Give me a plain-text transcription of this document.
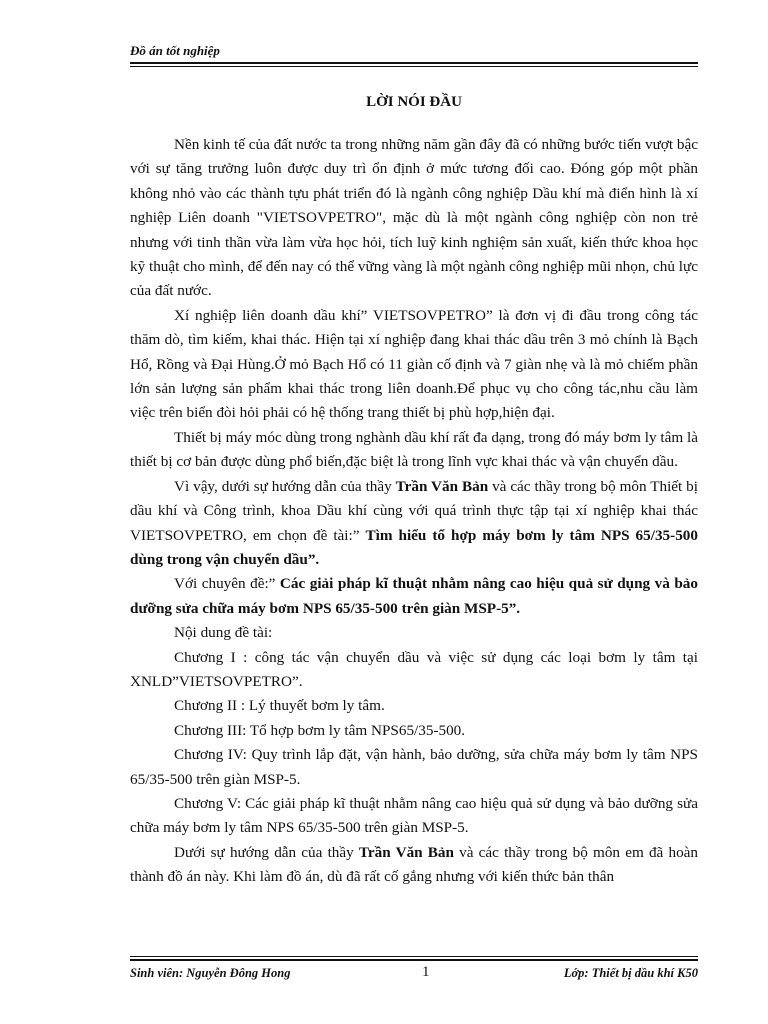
Đồ án tốt nghiệp
LỜI NÓI ĐẦU

Nền kinh tế của đất nước ta trong những năm gần đây đã có những bước tiến vượt bậc với sự tăng trưởng luôn được duy trì ổn định ở mức tương đối cao. Đóng góp một phần không nhỏ vào các thành tựu phát triển đó là ngành công nghiệp Dầu khí mà điển hình là xí nghiệp Liên doanh "VIETSOVPETRO", mặc dù là một ngành công nghiệp còn non trẻ nhưng với tinh thần vừa làm vừa học hỏi, tích luỹ kinh nghiệm sản xuất, kiến thức khoa học kỹ thuật cho mình, để đến nay có thể vững vàng là một ngành công nghiệp mũi nhọn, chủ lực của đất nước.

Xí nghiệp liên doanh dầu khí” VIETSOVPETRO” là đơn vị đi đầu trong công tác thăm dò, tìm kiếm, khai thác. Hiện tại xí nghiệp đang khai thác dầu trên 3 mỏ chính là Bạch Hổ, Rồng và Đại Hùng.Ở mỏ Bạch Hổ có 11 giàn cố định và 7 giàn nhẹ và là mỏ chiếm phần lớn sản lượng sản phẩm khai thác trong liên doanh.Để phục vụ cho công tác,nhu cầu làm việc trên biển đòi hỏi phải có hệ thống trang thiết bị phù hợp,hiện đại.

Thiết bị máy móc dùng trong nghành dầu khí rất đa dạng, trong đó máy bơm ly tâm là thiết bị cơ bản được dùng phổ biến,đặc biệt là trong lĩnh vực khai thác và vận chuyển dầu.

Vì vậy, dưới sự hướng dẫn của thầy Trần Văn Bản và các thầy trong bộ môn Thiết bị dầu khí và Công trình, khoa Dầu khí cùng với quá trình thực tập tại xí nghiệp khai thác VIETSOVPETRO, em chọn đề tài:” Tìm hiểu tổ hợp máy bơm ly tâm NPS 65/35-500 dùng trong vận chuyển dầu”.

Với chuyên đề:” Các giải pháp kĩ thuật nhằm nâng cao hiệu quả sử dụng và bảo dưỡng sửa chữa máy bơm NPS 65/35-500 trên giàn MSP-5”.

Nội dung đề tài:

Chương I : công tác vận chuyển dầu và việc sử dụng các loại bơm ly tâm tại XNLD”VIETSOVPETRO”.

Chương II : Lý thuyết bơm ly tâm.

Chương III: Tổ hợp bơm ly tâm NPS65/35-500.

Chương IV: Quy trình lắp đặt, vận hành, bảo dưỡng, sửa chữa máy bơm ly tâm NPS 65/35-500 trên giàn MSP-5.

Chương V: Các giải pháp kĩ thuật nhằm nâng cao hiệu quả sử dụng và bảo dưỡng sửa chữa máy bơm ly tâm NPS 65/35-500 trên giàn MSP-5.

Dưới sự hướng dẫn của thầy Trần Văn Bản và các thầy trong bộ môn em đã hoàn thành đồ án này. Khi làm đồ án, dù đã rất cố gắng nhưng với kiến thức bản thân

Sinh viên: Nguyễn Đông Hong	1	Lớp: Thiết bị dầu khí K50
